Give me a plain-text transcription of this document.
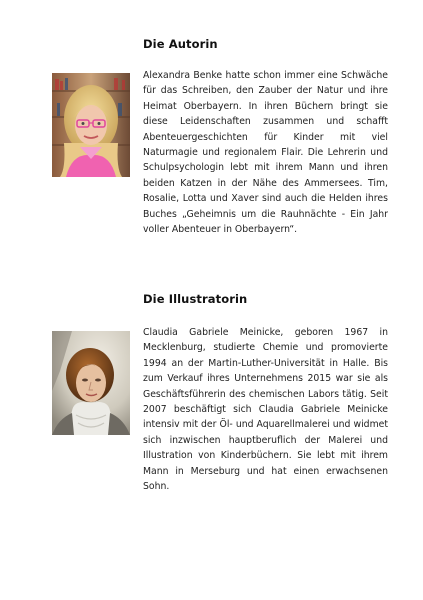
Die Autorin

Alexandra Benke hatte schon immer eine Schwäche für das Schreiben, den Zauber der Natur und ihre Heimat Oberbayern. In ihren Büchern bringt sie diese Leidenschaften zusammen und schafft Abenteuergeschichten für Kinder mit viel Naturmagie und regionalem Flair. Die Lehrerin und Schulpsychologin lebt mit ihrem Mann und ihren beiden Katzen in der Nähe des Ammersees. Tim, Rosalie, Lotta und Xaver sind auch die Helden ihres Buches „Geheimnis um die Rauhnächte - Ein Jahr voller Abenteuer in Oberbayern“.

Die Illustratorin

Claudia Gabriele Meinicke, geboren 1967 in Mecklenburg, studierte Chemie und promovierte 1994 an der Martin-Luther-Universität in Halle. Bis zum Verkauf ihres Unternehmens 2015 war sie als Geschäftsführerin des chemischen Labors tätig. Seit 2007 beschäftigt sich Claudia Gabriele Meinicke intensiv mit der Öl- und Aquarellmalerei und widmet sich inzwischen hauptberuflich der Malerei und Illustration von Kinderbüchern. Sie lebt mit ihrem Mann in Merseburg und hat einen erwachsenen Sohn.
